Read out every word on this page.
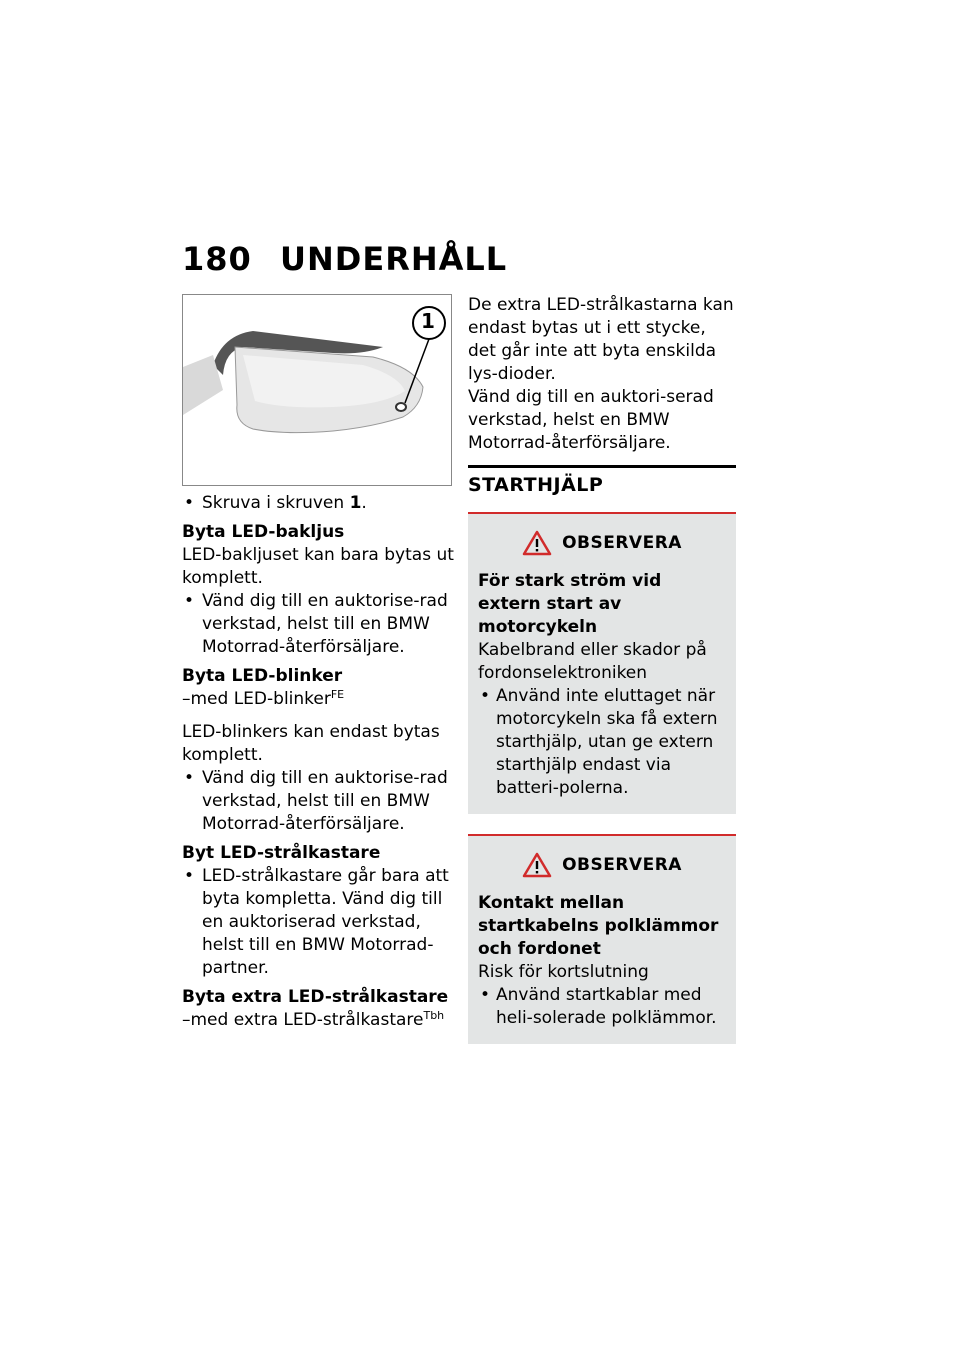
180 UNDERHÅLL
1

• Skruva i skruven 1.

Byta LED-bakljus

LED-bakljuset kan bara bytas ut komplett.

• Vänd dig till en auktorise-rad verkstad, helst till en BMW Motorrad-återförsäljare.

Byta LED-blinker

–med LED-blinker$^{FE}$

LED-blinkers kan endast bytas komplett.

• Vänd dig till en auktorise-rad verkstad, helst till en BMW Motorrad-återförsäljare.

Byt LED-strålkastare

• LED-strålkastare går bara att byta kompletta. Vänd dig till en auktoriserad verkstad, helst till en BMW Motorrad-partner.

Byta extra LED-strålkastare

–med extra LED-strålkastare$^{Tbh}$

De extra LED-strålkastarna kan endast bytas ut i ett stycke, det går inte att byta enskilda lys-dioder.

Vänd dig till en auktori-serad verkstad, helst en BMW Motorrad-återförsäljare.

STARTHJÄLP

OBSERVERA

För stark ström vid extern start av motorcykeln

Kabelbrand eller skador på fordonselektroniken

• Använd inte eluttaget när motorcykeln ska få extern starthjälp, utan ge extern starthjälp endast via batteri-polerna.

OBSERVERA

Kontakt mellan startkabelns polklämmor och fordonet

Risk för kortslutning

• Använd startkablar med heli-solerade polklämmor.
